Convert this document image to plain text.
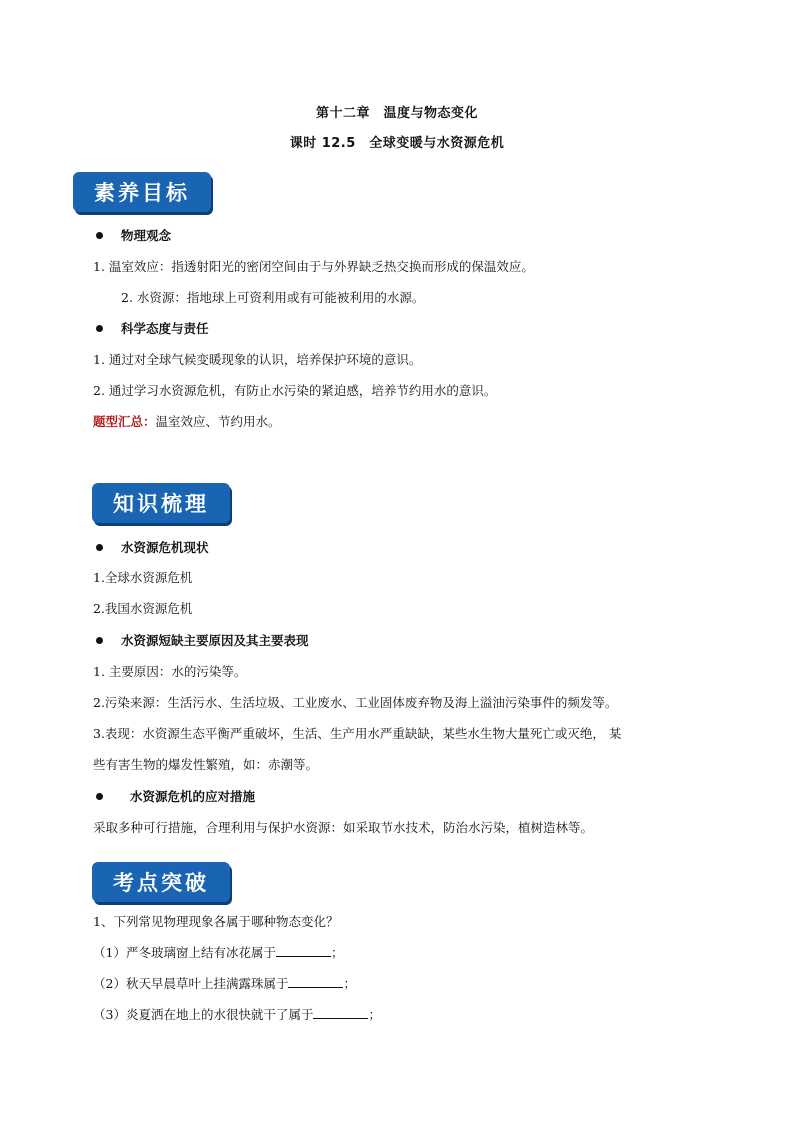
第十二章　温度与物态变化
课时 12.5　全球变暖与水资源危机
素养目标
物理观念
1. 温室效应：指透射阳光的密闭空间由于与外界缺乏热交换而形成的保温效应。
2. 水资源：指地球上可资利用或有可能被利用的水源。
科学态度与责任
1. 通过对全球气候变暖现象的认识，培养保护环境的意识。
2. 通过学习水资源危机，有防止水污染的紧迫感，培养节约用水的意识。
题型汇总：温室效应、节约用水。
知识梳理
水资源危机现状
1.全球水资源危机
2.我国水资源危机
水资源短缺主要原因及其主要表现
1. 主要原因：水的污染等。
2.污染来源：生活污水、生活垃圾、工业废水、工业固体废弃物及海上溢油污染事件的频发等。
3.表现：水资源生态平衡严重破坏，生活、生产用水严重缺缺，某些水生物大量死亡或灭绝， 某
些有害生物的爆发性繁殖，如：赤潮等。
水资源危机的应对措施
采取多种可行措施，合理利用与保护水资源：如采取节水技术，防治水污染，植树造林等。
考点突破
1、下列常见物理现象各属于哪种物态变化？
（1）严冬玻璃窗上结有冰花属于	；
（2）秋天早晨草叶上挂满露珠属于	；
（3）炎夏洒在地上的水很快就干了属于	；
